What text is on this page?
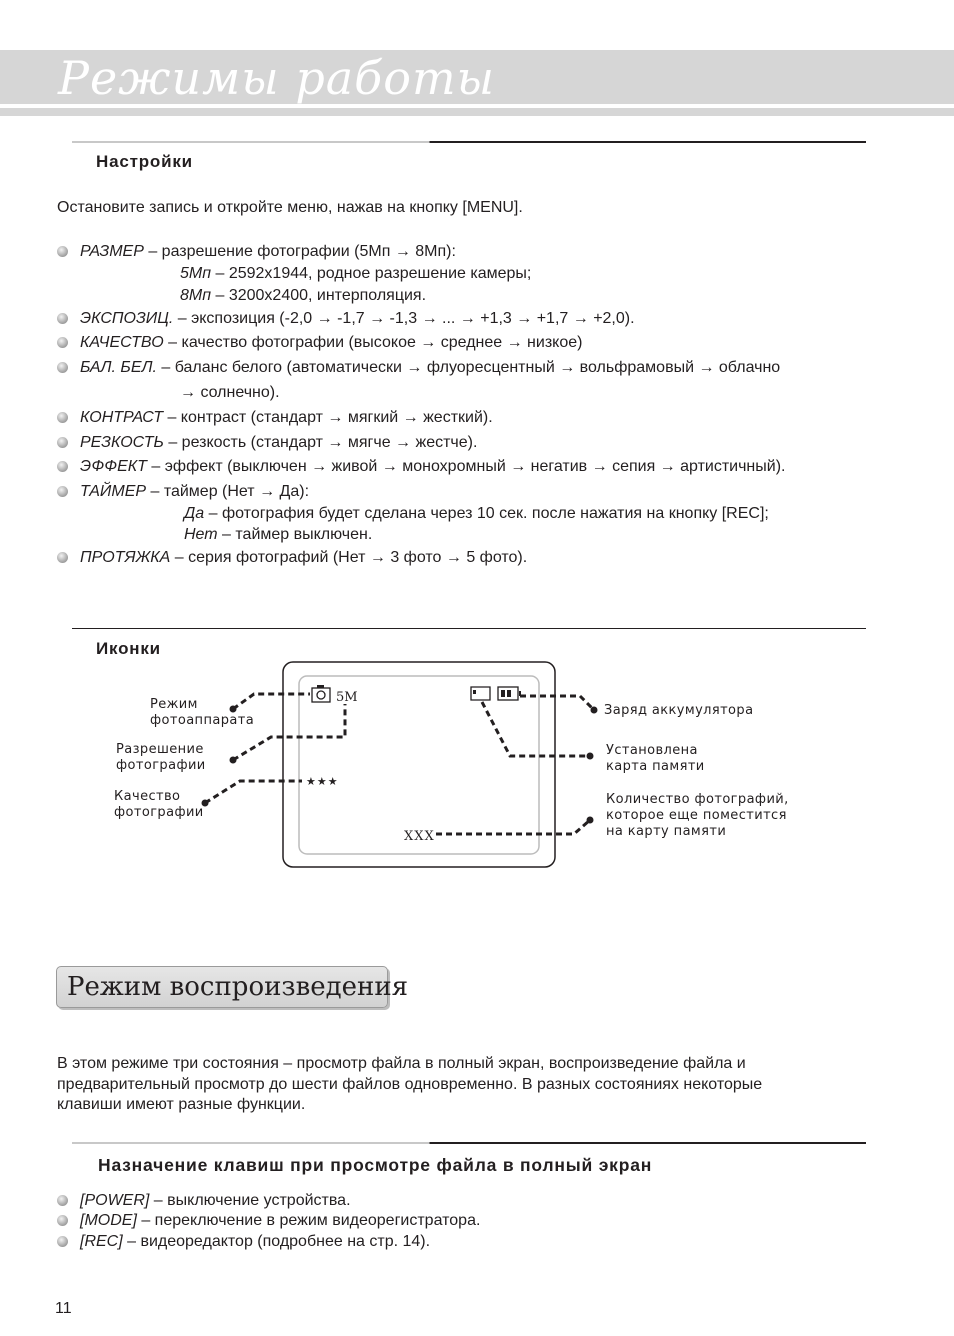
Режимы работы
Настройки
Остановите запись и откройте меню, нажав на кнопку [MENU].
РАЗМЕР – разрешение фотографии (5Мп → 8Мп):
5Мп – 2592х1944, родное разрешение камеры;
8Мп – 3200х2400, интерполяция.
ЭКСПОЗИЦ. – экспозиция (-2,0 → -1,7 → -1,3 → ... → +1,3 → +1,7 → +2,0).
КАЧЕСТВО – качество фотографии (высокое → среднее → низкое)
БАЛ. БЕЛ. – баланс белого (автоматически → флуоресцентный → вольфрамовый → облачно
→ солнечно).
КОНТРАСТ – контраст (стандарт → мягкий → жесткий).
РЕЗКОСТЬ – резкость (стандарт → мягче → жестче).
ЭФФЕКТ – эффект (выключен → живой → монохромный → негатив → сепия → артистичный).
ТАЙМЕР – таймер (Нет → Да):
Да – фотография будет сделана через 10 сек. после нажатия на кнопку [REC];
Нет – таймер выключен.
ПРОТЯЖКА – серия фотографий (Нет → 3 фото → 5 фото).
Иконки
5M
★★★
XXX
Режим
фотоаппарата
Разрешение
фотографии
Качество
фотографии
Заряд аккумулятора
Установлена
карта памяти
Количество фотографий,
которое еще поместится
на карту памяти
Режим воспроизведения
В этом режиме три состояния – просмотр файла в полный экран, воспроизведение файла и
предварительный просмотр до шести файлов одновременно. В разных состояниях некоторые
клавиши имеют разные функции.
Назначение клавиш при просмотре файла в полный экран
[POWER] – выключение устройства.
[MODE] – переключение в режим видеорегистратора.
[REC] – видеоредактор (подробнее на стр. 14).
11
